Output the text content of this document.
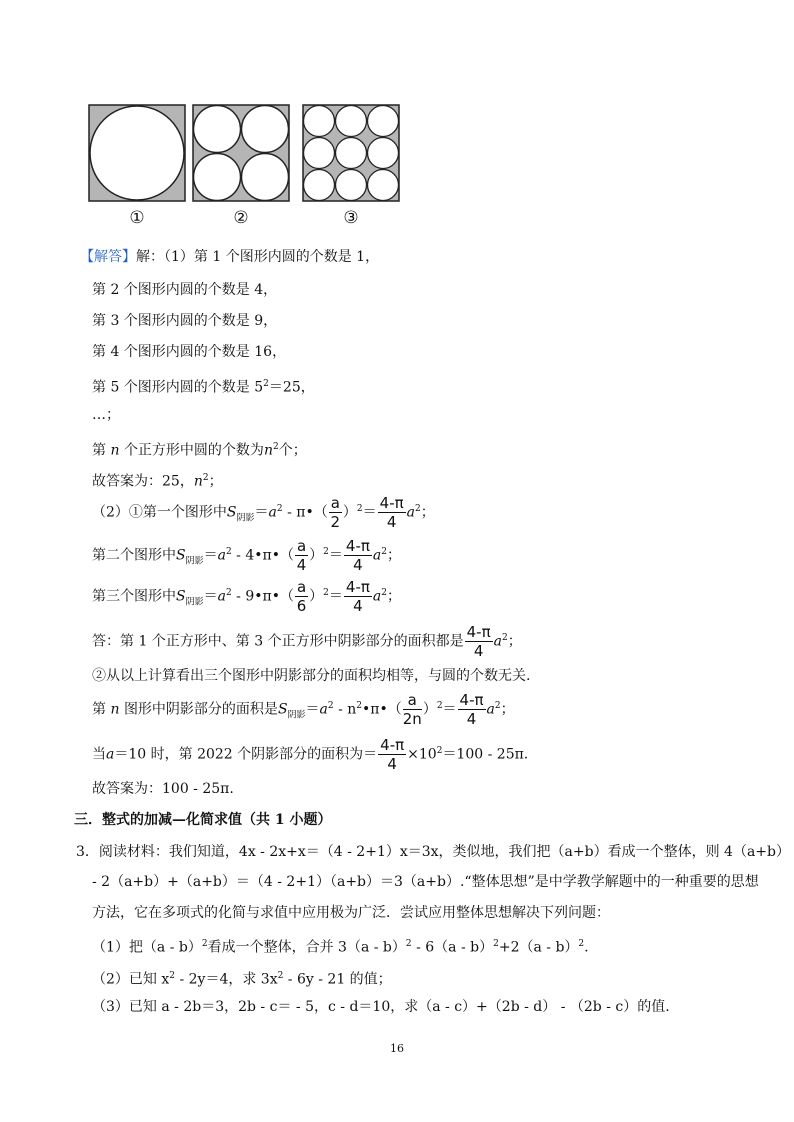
①	②	③
【解答】解：（1）第 1 个图形内圆的个数是 1，
第 2 个图形内圆的个数是 4，
第 3 个图形内圆的个数是 9，
第 4 个图形内圆的个数是 16，
第 5 个图形内圆的个数是 $5^2=25$，
…；
第 n 个正方形中圆的个数为$n^2$个；
故答案为：25，$n^2$；
（2）①第一个图形中$S_{阴影}=a^2$ - π•（ $\frac{a}{2} )^2= \frac{4-\pi}{4} a^2$；
第二个图形中$S_{阴影}=a^2$ - 4•π•（ $\frac{a}{4} )^2= \frac{4-\pi}{4} a^2$；
第三个图形中$S_{阴影}=a^2$ - 9•π•（ $\frac{a}{6} )^2= \frac{4-\pi}{4} a^2$；
答：第 1 个正方形中、第 3 个正方形中阴影部分的面积都是 $\frac{4-\pi}{4} a^2$；
②从以上计算看出三个图形中阴影部分的面积均相等，与圆的个数无关.
第 n 图形中阴影部分的面积是$S_{阴影}=a^2$ - $n^2•\pi•( \frac{a}{2n} )^2= \frac{4-\pi}{4} a^2$；
当a＝10 时，第 2022 个阴影部分的面积为＝ $\frac{4-\pi}{4} \times 10^2=100 - 25\pi$.
故答案为：100 - 25π.
三．整式的加减—化简求值（共 1 小题）
3．阅读材料：我们知道，4x - 2x+x＝（4 - 2+1）x＝3x，类似地，我们把（a+b）看成一个整体，则 4（a+b）
- 2（a+b）+（a+b）＝（4 - 2+1）（a+b）＝3（a+b）.“整体思想”是中学教学解题中的一种重要的思想
方法，它在多项式的化简与求值中应用极为广泛．尝试应用整体思想解决下列问题：
（1）把（a - b）$^2$看成一个整体，合并 3（a - b）$^2$ - 6（a - b）$^2$+2（a - b）$^2$.
（2）已知 $x^2 - 2y=4$，求 $3x^2 - 6y - 21$ 的值；
（3）已知 a - 2b＝3，2b - c＝ - 5，c - d＝10，求（a - c）+（2b - d） - （2b - c）的值.
16
